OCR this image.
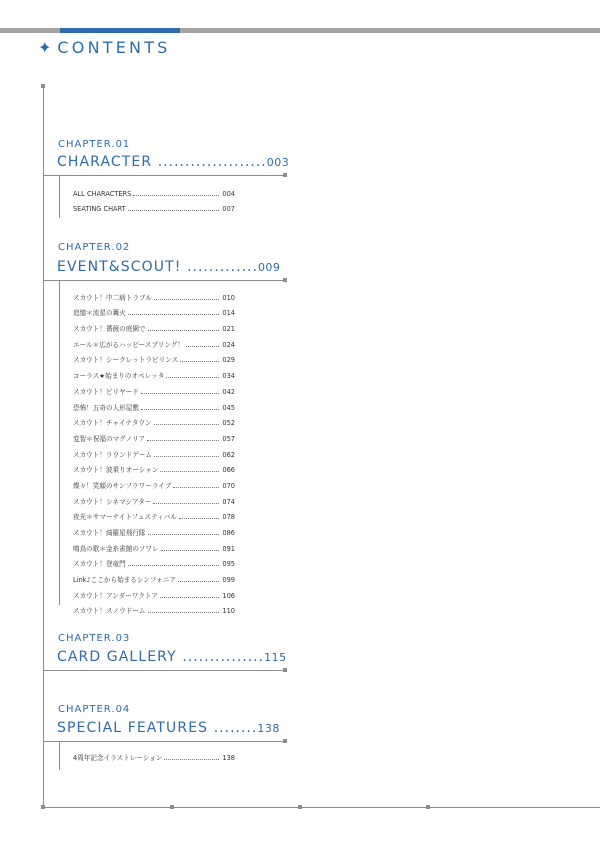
✦ CONTENTS
CHAPTER.01
CHARACTER ....................003
ALL CHARACTERS	004
SEATING CHART	007
CHAPTER.02
EVENT&SCOUT! .............009
スカウト！中二病トラブル	010
追憶＊流星の篝火	014
スカウト！薔薇の庭園で	021
エール＊広がるハッピースプリング！	024
スカウト！シークレットラビリンス	029
コーラス★始まりのオペレッタ	034
スカウト！ビリヤード	042
恐怖！五奇の人形屋敷	045
スカウト！チャイナタウン	052
変智＊祝福のマグノリア	057
スカウト！ラウンドゲーム	062
スカウト！波乗りオーシャン	066
燦々！笑顔のサンフラワーライブ	070
スカウト！シネマシアター	074
夜光＊サマーナイトフェスティバル	078
スカウト！綺羅星飛行隊	086
鳴鳥の歌＊金糸雀館のソワレ	091
スカウト！登竜門	095
Link♪ここから始まるシンフォニア	099
スカウト！アンダーワクトア	106
スカウト！スノウドーム	110
CHAPTER.03
CARD GALLERY ...............115
CHAPTER.04
SPECIAL FEATURES ........138
4周年記念イラストレーション	138
